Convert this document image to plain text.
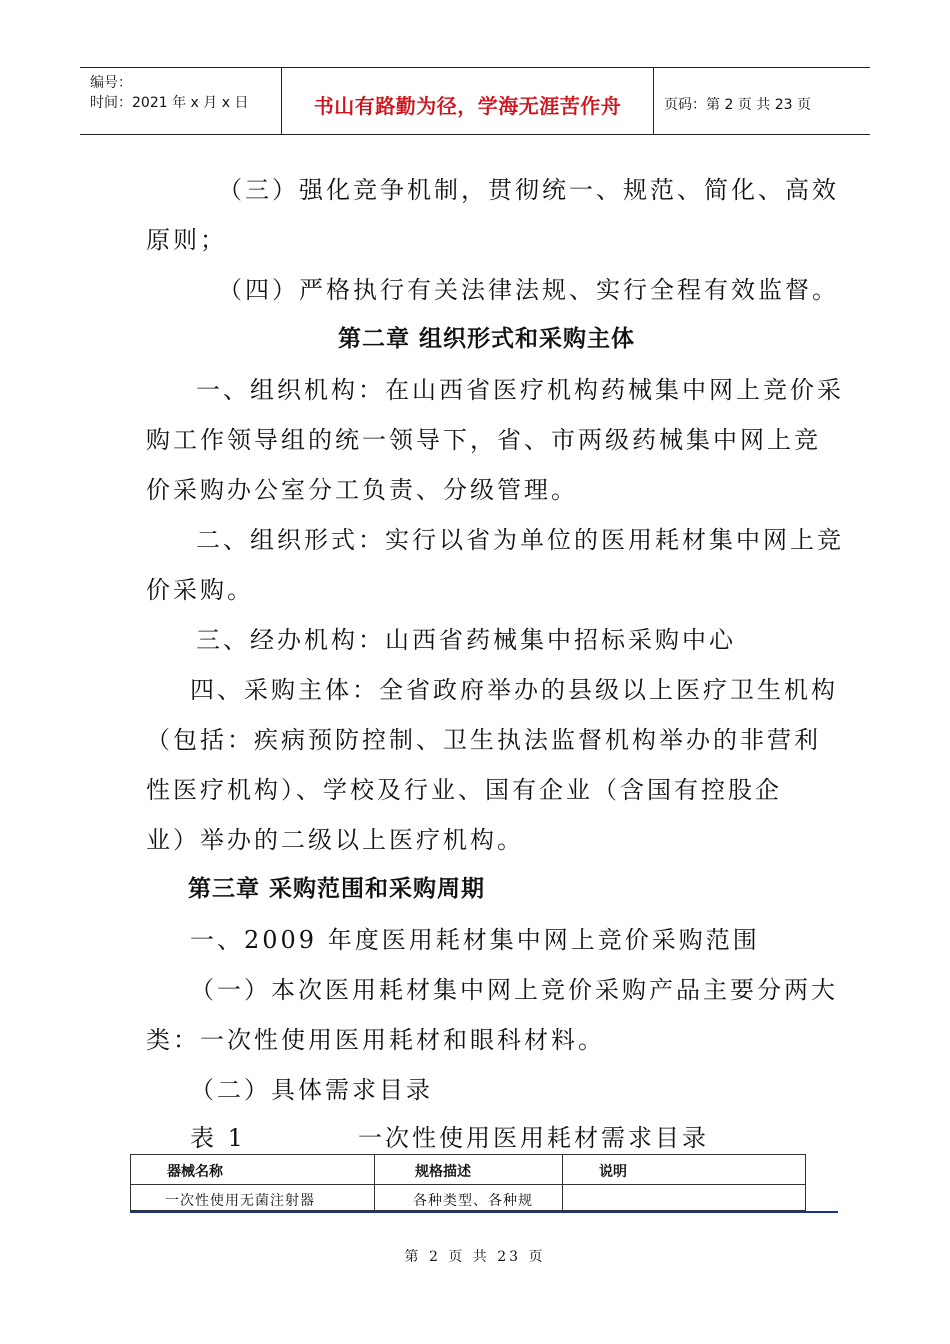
编号：
时间：2021 年 x 月 x 日	书山有路勤为径，学海无涯苦作舟	页码：第 2 页 共 23 页
（三）强化竞争机制，贯彻统一、规范、简化、高效
原则；
（四）严格执行有关法律法规、实行全程有效监督。
第二章 组织形式和采购主体
一、组织机构：在山西省医疗机构药械集中网上竞价采
购工作领导组的统一领导下，省、市两级药械集中网上竞
价采购办公室分工负责、分级管理。
二、组织形式：实行以省为单位的医用耗材集中网上竞
价采购。
三、经办机构：山西省药械集中招标采购中心
四、采购主体：全省政府举办的县级以上医疗卫生机构
（包括：疾病预防控制、卫生执法监督机构举办的非营利
性医疗机构）、学校及行业、国有企业（含国有控股企
业）举办的二级以上医疗机构。
第三章 采购范围和采购周期
一、2009 年度医用耗材集中网上竞价采购范围
（一）本次医用耗材集中网上竞价采购产品主要分两大
类：一次性使用医用耗材和眼科材料。
（二）具体需求目录
表 1	一次性使用医用耗材需求目录
器械名称	规格描述	说明
一次性使用无菌注射器	各种类型、各种规
第 2 页 共 23 页
